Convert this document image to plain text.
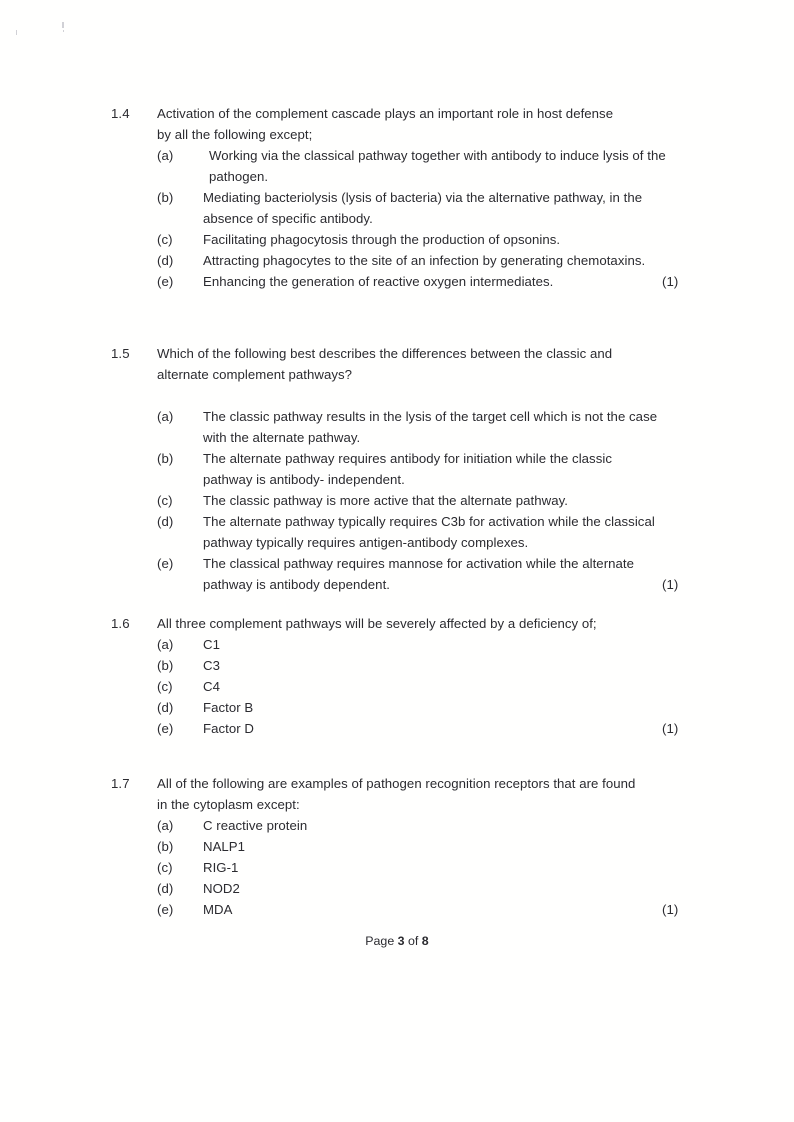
1.4	Activation of the complement cascade plays an important role in host defense

by all the following except;

(a)	Working via the classical pathway together with antibody to induce lysis of the pathogen.
(b)	Mediating bacteriolysis (lysis of bacteria) via the alternative pathway, in the absence of specific antibody.
(c)	Facilitating phagocytosis through the production of opsonins.
(d)	Attracting phagocytes to the site of an infection by generating chemotaxins.
(e)	Enhancing the generation of reactive oxygen intermediates.	(1)
1.5	Which of the following best describes the differences between the classic and

alternate complement pathways?

(a)	The classic pathway results in the lysis of the target cell which is not the case with the alternate pathway.
(b)	The alternate pathway requires antibody for initiation while the classic pathway is antibody- independent.
(c)	The classic pathway is more active that the alternate pathway.
(d)	The alternate pathway typically requires C3b for activation while the classical pathway typically requires antigen-antibody complexes.
(e)	The classical pathway requires mannose for activation while the alternate pathway is antibody dependent.	(1)
1.6	All three complement pathways will be severely affected by a deficiency of;

(a)	C1
(b)	C3
(c)	C4
(d)	Factor B
(e)	Factor D	(1)
1.7	All of the following are examples of pathogen recognition receptors that are found

in the cytoplasm except:

(a)	C reactive protein
(b)	NALP1
(c)	RIG-1
(d)	NOD2
(e)	MDA	(1)
Page 3 of 8
